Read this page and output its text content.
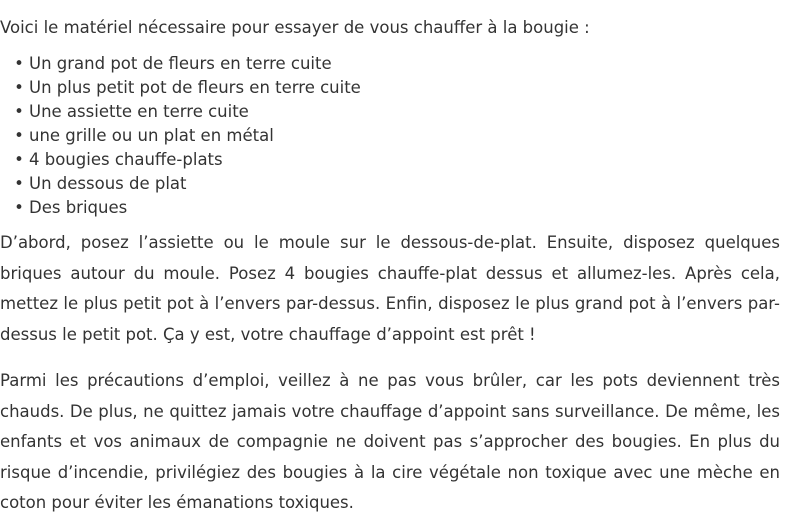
Voici le matériel nécessaire pour essayer de vous chauffer à la bougie :

• Un grand pot de fleurs en terre cuite
• Un plus petit pot de fleurs en terre cuite
• Une assiette en terre cuite
• une grille ou un plat en métal
• 4 bougies chauffe-plats
• Un dessous de plat
• Des briques

D’abord, posez l’assiette ou le moule sur le dessous-de-plat. Ensuite, disposez quelques briques autour du moule. Posez 4 bougies chauffe-plat dessus et allumez-les. Après cela, mettez le plus petit pot à l’envers par-dessus. Enfin, disposez le plus grand pot à l’envers par-dessus le petit pot. Ça y est, votre chauffage d’appoint est prêt !

Parmi les précautions d’emploi, veillez à ne pas vous brûler, car les pots deviennent très chauds. De plus, ne quittez jamais votre chauffage d’appoint sans surveillance. De même, les enfants et vos animaux de compagnie ne doivent pas s’approcher des bougies. En plus du risque d’incendie, privilégiez des bougies à la cire végétale non toxique avec une mèche en coton pour éviter les émanations toxiques.
